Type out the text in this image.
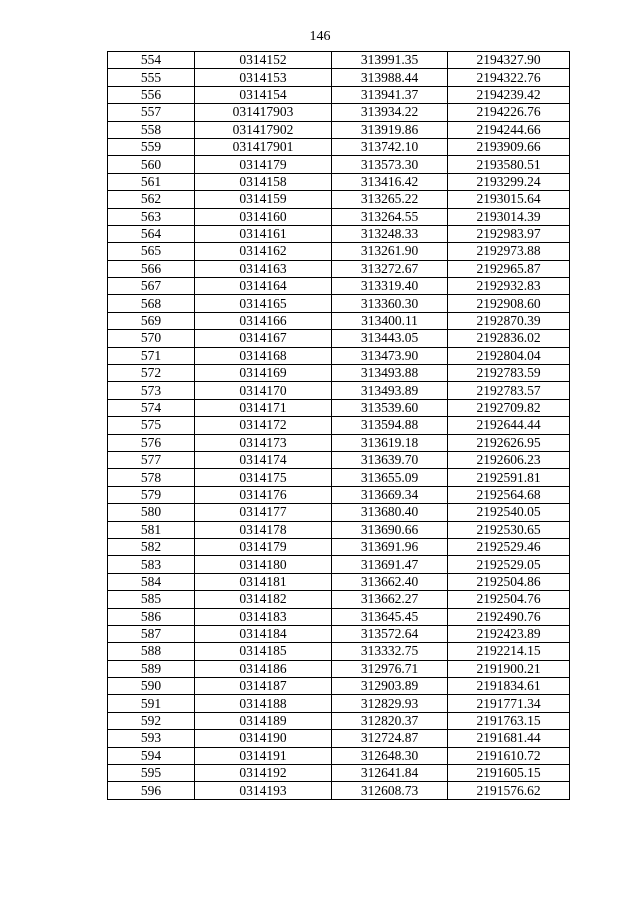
146
554	0314152	313991.35	2194327.90
555	0314153	313988.44	2194322.76
556	0314154	313941.37	2194239.42
557	031417903	313934.22	2194226.76
558	031417902	313919.86	2194244.66
559	031417901	313742.10	2193909.66
560	0314179	313573.30	2193580.51
561	0314158	313416.42	2193299.24
562	0314159	313265.22	2193015.64
563	0314160	313264.55	2193014.39
564	0314161	313248.33	2192983.97
565	0314162	313261.90	2192973.88
566	0314163	313272.67	2192965.87
567	0314164	313319.40	2192932.83
568	0314165	313360.30	2192908.60
569	0314166	313400.11	2192870.39
570	0314167	313443.05	2192836.02
571	0314168	313473.90	2192804.04
572	0314169	313493.88	2192783.59
573	0314170	313493.89	2192783.57
574	0314171	313539.60	2192709.82
575	0314172	313594.88	2192644.44
576	0314173	313619.18	2192626.95
577	0314174	313639.70	2192606.23
578	0314175	313655.09	2192591.81
579	0314176	313669.34	2192564.68
580	0314177	313680.40	2192540.05
581	0314178	313690.66	2192530.65
582	0314179	313691.96	2192529.46
583	0314180	313691.47	2192529.05
584	0314181	313662.40	2192504.86
585	0314182	313662.27	2192504.76
586	0314183	313645.45	2192490.76
587	0314184	313572.64	2192423.89
588	0314185	313332.75	2192214.15
589	0314186	312976.71	2191900.21
590	0314187	312903.89	2191834.61
591	0314188	312829.93	2191771.34
592	0314189	312820.37	2191763.15
593	0314190	312724.87	2191681.44
594	0314191	312648.30	2191610.72
595	0314192	312641.84	2191605.15
596	0314193	312608.73	2191576.62
